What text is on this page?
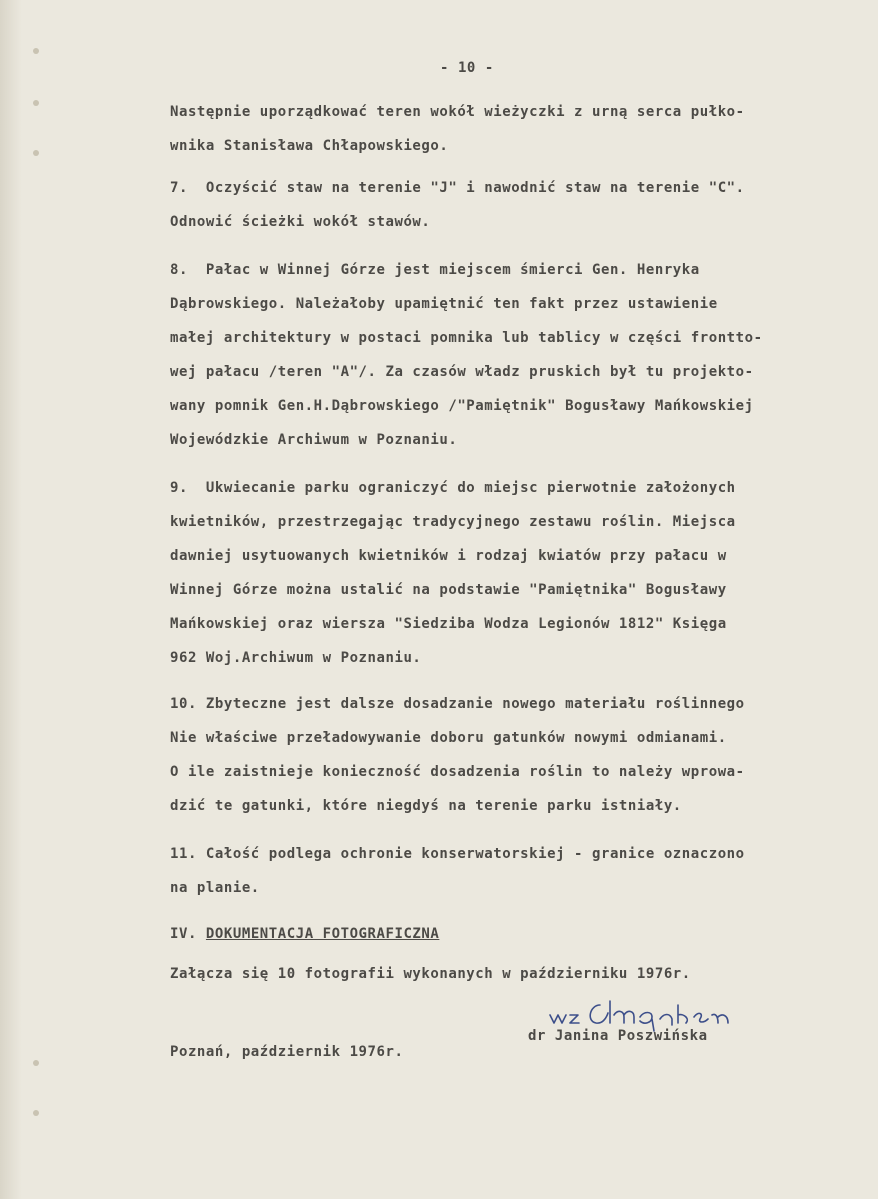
- 10 -
Następnie uporządkować teren wokół wieżyczki z urną serca pułko-
wnika Stanisława Chłapowskiego.
7.  Oczyścić staw na terenie "J" i nawodnić staw na terenie "C".
Odnowić ścieżki wokół stawów.
8.  Pałac w Winnej Górze jest miejscem śmierci Gen. Henryka
Dąbrowskiego. Należałoby upamiętnić ten fakt przez ustawienie
małej architektury w postaci pomnika lub tablicy w części frontto-
wej pałacu /teren "A"/. Za czasów władz pruskich był tu projekto-
wany pomnik Gen.H.Dąbrowskiego /"Pamiętnik" Bogusławy Mańkowskiej
Wojewódzkie Archiwum w Poznaniu.
9.  Ukwiecanie parku ograniczyć do miejsc pierwotnie założonych
kwietników, przestrzegając tradycyjnego zestawu roślin. Miejsca
dawniej usytuowanych kwietników i rodzaj kwiatów przy pałacu w
Winnej Górze można ustalić na podstawie "Pamiętnika" Bogusławy
Mańkowskiej oraz wiersza "Siedziba Wodza Legionów 1812" Księga
962 Woj.Archiwum w Poznaniu.
10. Zbyteczne jest dalsze dosadzanie nowego materiału roślinnego
Nie właściwe przeładowywanie doboru gatunków nowymi odmianami.
O ile zaistnieje konieczność dosadzenia roślin to należy wprowa-
dzić te gatunki, które niegdyś na terenie parku istniały.
11. Całość podlega ochronie konserwatorskiej - granice oznaczono
na planie.
IV. DOKUMENTACJA FOTOGRAFICZNA
Załącza się 10 fotografii wykonanych w październiku 1976r.
dr Janina Poszwińska
Poznań, październik 1976r.
